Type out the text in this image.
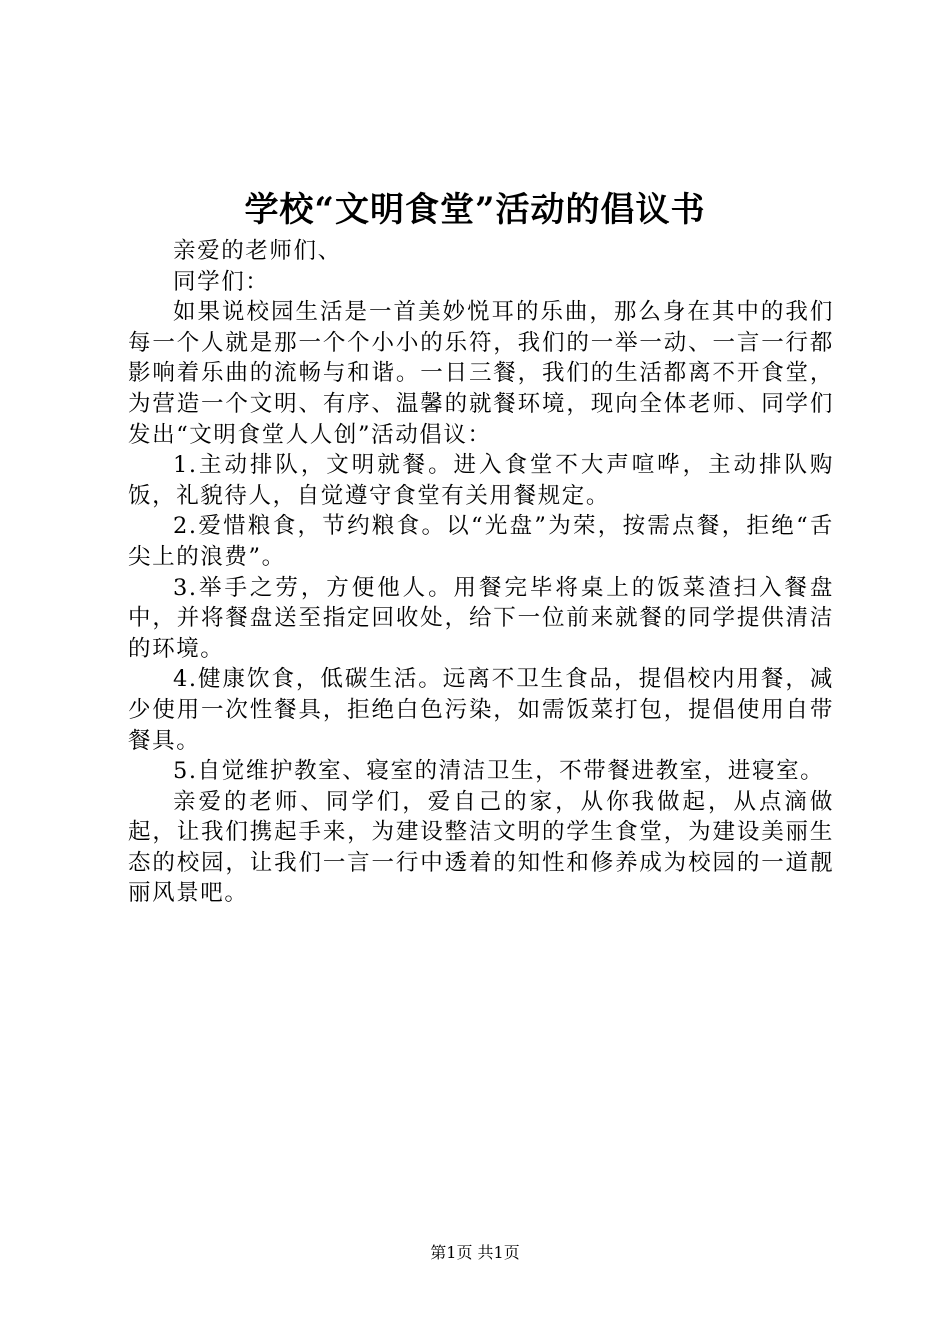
学校“文明食堂”活动的倡议书

亲爱的老师们、

同学们：

如果说校园生活是一首美妙悦耳的乐曲，那么身在其中的我们每一个人就是那一个个小小的乐符，我们的一举一动、一言一行都影响着乐曲的流畅与和谐。一日三餐，我们的生活都离不开食堂，为营造一个文明、有序、温馨的就餐环境，现向全体老师、同学们发出“文明食堂人人创”活动倡议：

1.主动排队，文明就餐。进入食堂不大声喧哗，主动排队购饭，礼貌待人，自觉遵守食堂有关用餐规定。

2.爱惜粮食，节约粮食。以“光盘”为荣，按需点餐，拒绝“舌尖上的浪费”。

3.举手之劳，方便他人。用餐完毕将桌上的饭菜渣扫入餐盘中，并将餐盘送至指定回收处，给下一位前来就餐的同学提供清洁的环境。

4.健康饮食，低碳生活。远离不卫生食品，提倡校内用餐，减少使用一次性餐具，拒绝白色污染，如需饭菜打包，提倡使用自带餐具。

5.自觉维护教室、寝室的清洁卫生，不带餐进教室，进寝室。

亲爱的老师、同学们，爱自己的家，从你我做起，从点滴做起，让我们携起手来，为建设整洁文明的学生食堂，为建设美丽生态的校园，让我们一言一行中透着的知性和修养成为校园的一道靓丽风景吧。

第1页 共1页
